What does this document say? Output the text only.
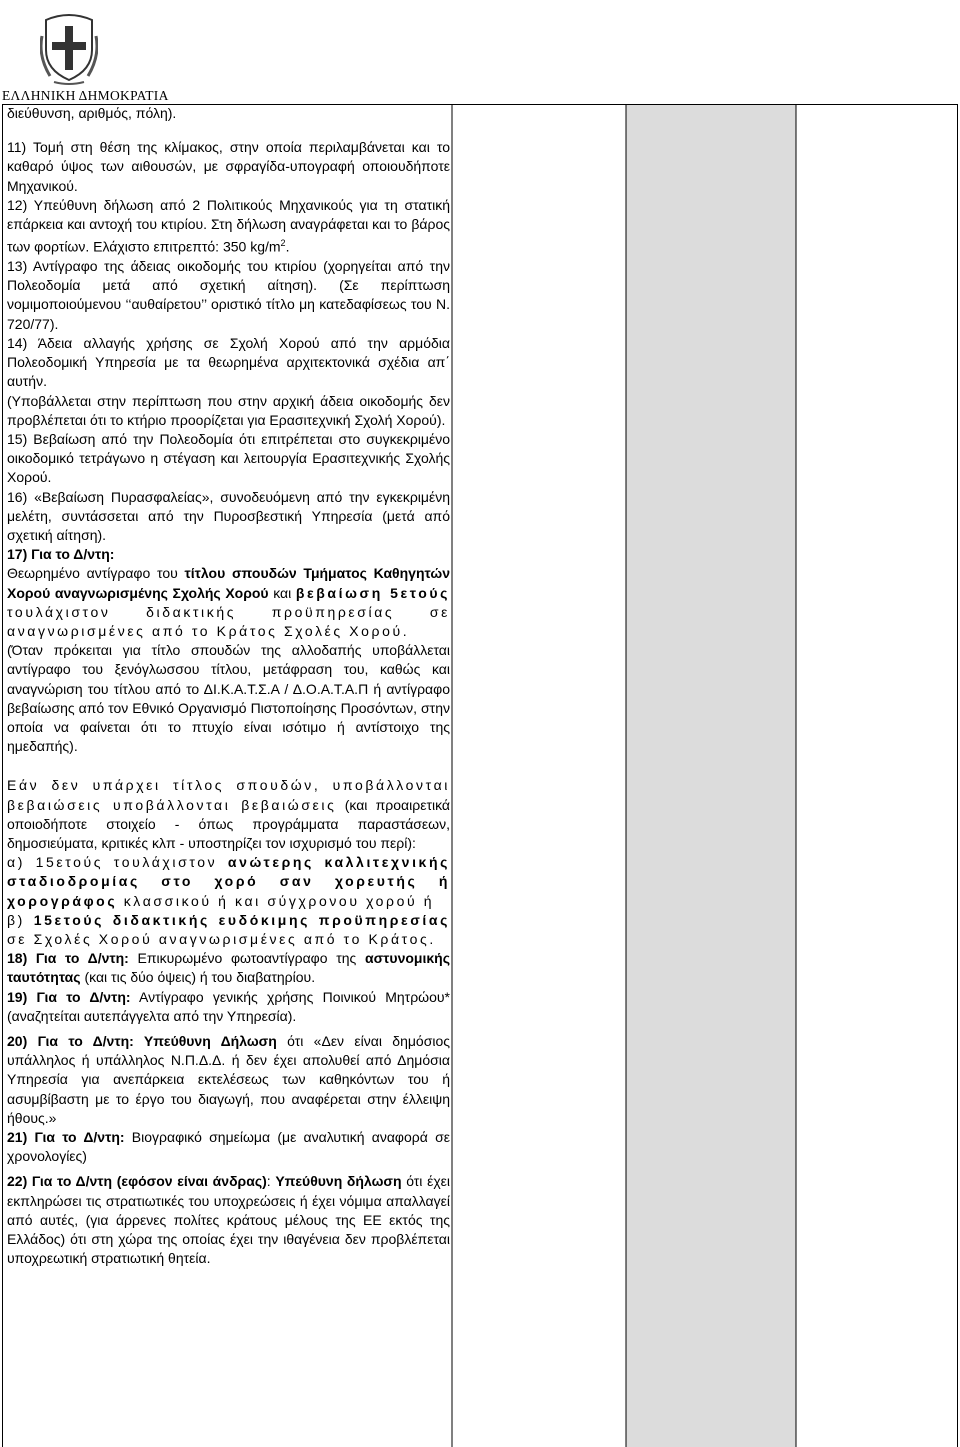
ΕΛΛΗΝΙΚΗ ΔΗΜΟΚΡΑΤΙΑ

διεύθυνση, αριθμός, πόλη).

11) Τομή στη θέση της κλίμακος, στην οποία περιλαμβάνεται και το καθαρό ύψος των αιθουσών, με σφραγίδα-υπογραφή οποιουδήποτε Μηχανικού.

12) Υπεύθυνη δήλωση από 2 Πολιτικούς Μηχανικούς για τη στατική επάρκεια και αντοχή του κτιρίου. Στη δήλωση αναγράφεται και το βάρος των φορτίων. Ελάχιστο επιτρεπτό: 350 $kg/m^2$.

13) Αντίγραφο της άδειας οικοδομής του κτιρίου (χορηγείται από την Πολεοδομία μετά από σχετική αίτηση). (Σε περίπτωση νομιμοποιούμενου ‘‘αυθαίρετου’’ οριστικό τίτλο μη κατεδαφίσεως του Ν. 720/77).

14) Άδεια αλλαγής χρήσης σε Σχολή Χορού από την αρμόδια Πολεοδομική Υπηρεσία με τα θεωρημένα αρχιτεκτονικά σχέδια απ΄ αυτήν.

(Υποβάλλεται στην περίπτωση που στην αρχική άδεια οικοδομής δεν προβλέπεται ότι το κτήριο προορίζεται για Ερασιτεχνική Σχολή Χορού).

15) Βεβαίωση από την Πολεοδομία ότι επιτρέπεται στο συγκεκριμένο οικοδομικό τετράγωνο η στέγαση και λειτουργία Ερασιτεχνικής Σχολής Χορού.

16) «Βεβαίωση Πυρασφαλείας», συνοδευόμενη από την εγκεκριμένη μελέτη, συντάσσεται από την Πυροσβεστική Υπηρεσία (μετά από σχετική αίτηση).

17) Για το Δ/ντη:

Θεωρημένο αντίγραφο του τίτλου σπουδών Τμήματος Καθηγητών Χορού αναγνωρισμένης Σχολής Χορού και βεβαίωση 5ετούς τουλάχιστον διδακτικής προϋπηρεσίας σε αναγνωρισμένες από το Κράτος Σχολές Χορού.

(Όταν πρόκειται για τίτλο σπουδών της αλλοδαπής υποβάλλεται αντίγραφο του ξενόγλωσσου τίτλου, μετάφραση του, καθώς και αναγνώριση του τίτλου από το ΔΙ.Κ.Α.Τ.Σ.Α / Δ.Ο.Α.Τ.Α.Π ή αντίγραφο βεβαίωσης από τον Εθνικό Οργανισμό Πιστοποίησης Προσόντων, στην οποία να φαίνεται ότι το πτυχίο είναι ισότιμο ή αντίστοιχο της ημεδαπής).

Εάν δεν υπάρχει τίτλος σπουδών, υποβάλλονται βεβαιώσεις υποβάλλονται βεβαιώσεις (και προαιρετικά οποιοδήποτε στοιχείο - όπως προγράμματα παραστάσεων, δημοσιεύματα, κριτικές κλπ - υποστηρίζει τον ισχυρισμό του περί):

α) 15ετούς τουλάχιστον ανώτερης καλλιτεχνικής σταδιοδρομίας στο χορό σαν χορευτής ή χορογράφος κλασσικού ή και σύγχρονου χορού ή

β) 15ετούς διδακτικής ευδόκιμης προϋπηρεσίας σε Σχολές Χορού αναγνωρισμένες από το Κράτος.

18) Για το Δ/ντη: Επικυρωμένο φωτοαντίγραφο της αστυνομικής ταυτότητας (και τις δύο όψεις) ή του διαβατηρίου.

19) Για το Δ/ντη: Αντίγραφο γενικής χρήσης Ποινικού Μητρώου* (αναζητείται αυτεπάγγελτα από την Υπηρεσία).

20) Για το Δ/ντη: Υπεύθυνη Δήλωση ότι «Δεν είναι δημόσιος υπάλληλος ή υπάλληλος Ν.Π.Δ.Δ. ή δεν έχει απολυθεί από Δημόσια Υπηρεσία για ανεπάρκεια εκτελέσεως των καθηκόντων του ή ασυμβίβαστη με το έργο του διαγωγή, που αναφέρεται στην έλλειψη ήθους.»

21) Για το Δ/ντη: Βιογραφικό σημείωμα (με αναλυτική αναφορά σε χρονολογίες)

22) Για το Δ/ντη (εφόσον είναι άνδρας): Υπεύθυνη δήλωση ότι έχει εκπληρώσει τις στρατιωτικές του υποχρεώσεις ή έχει νόμιμα απαλλαγεί από αυτές, (για άρρενες πολίτες κράτους μέλους της ΕΕ εκτός της Ελλάδος) ότι στη χώρα της οποίας έχει την ιθαγένεια δεν προβλέπεται υποχρεωτική στρατιωτική θητεία.
